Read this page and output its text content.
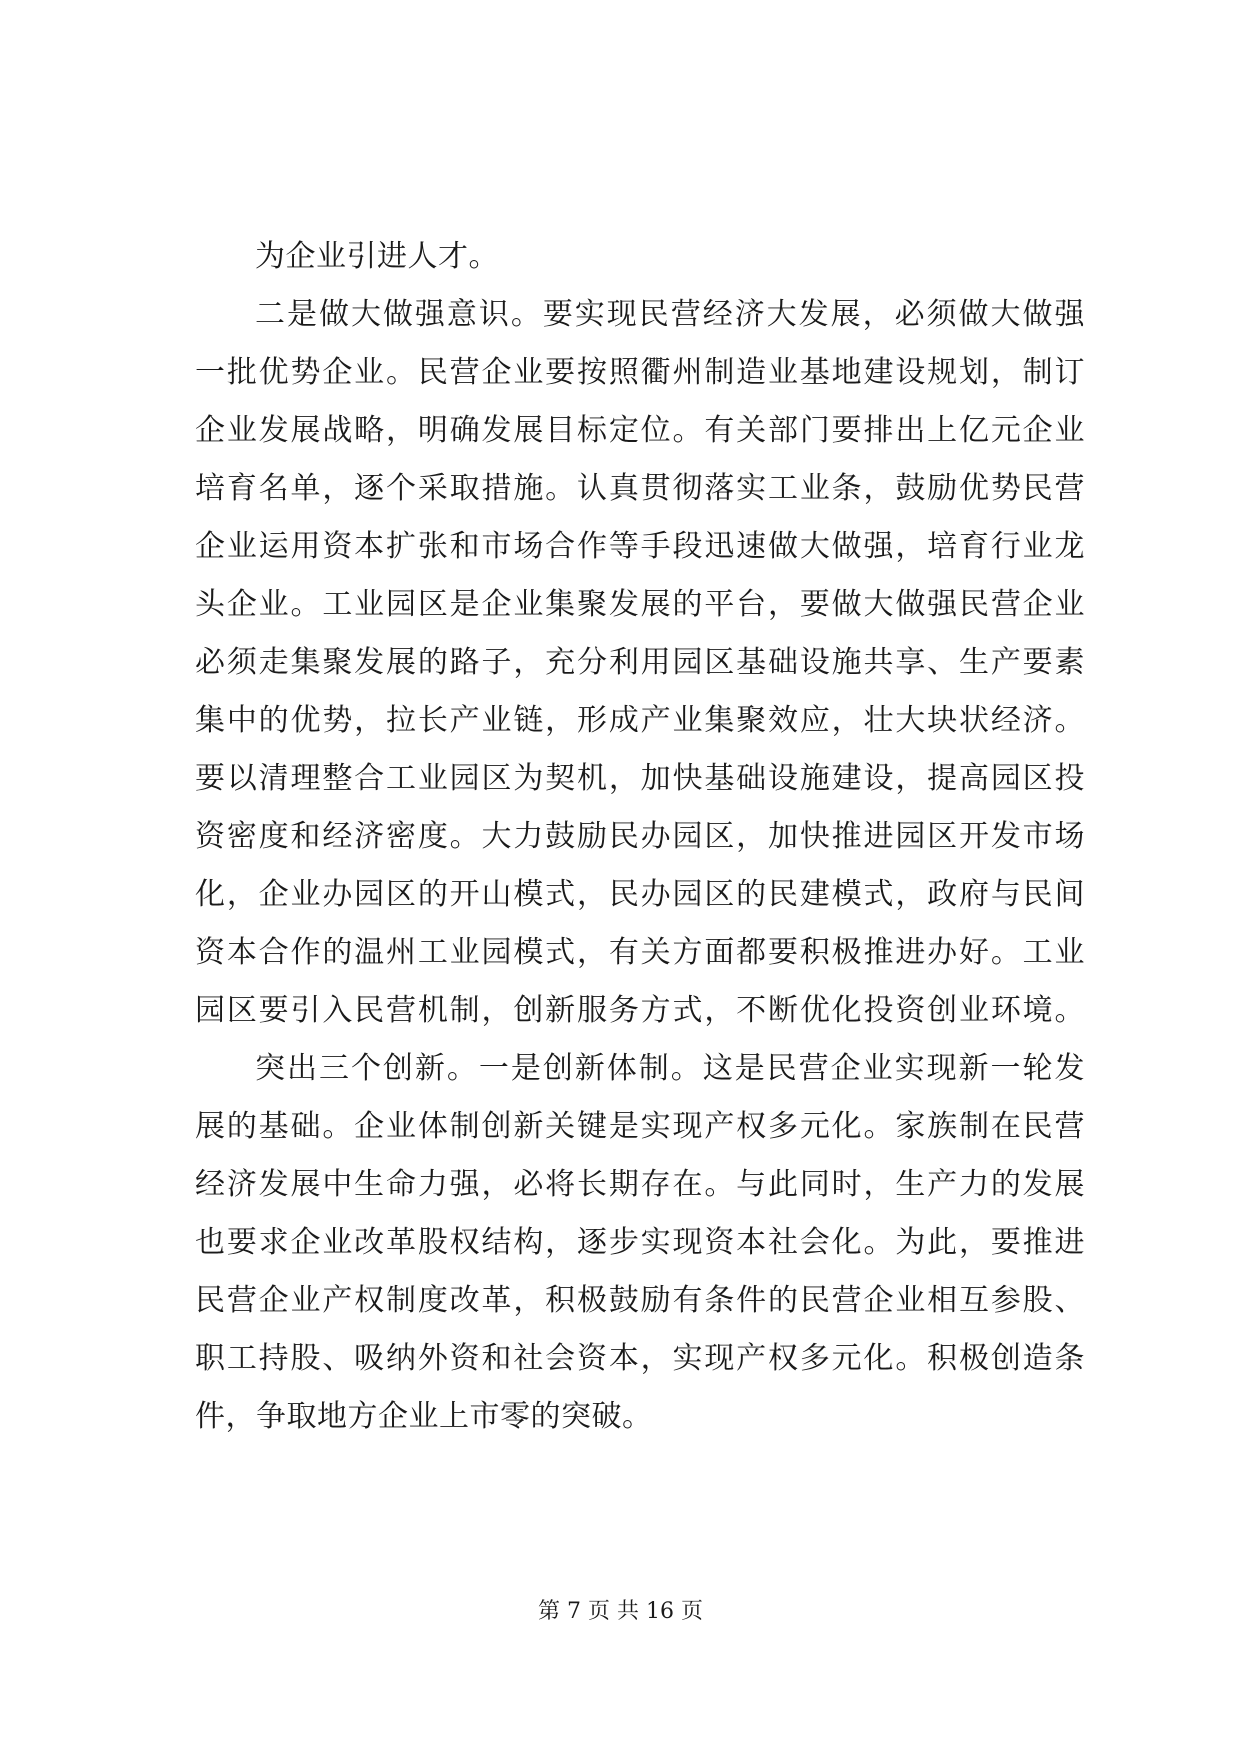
为企业引进人才。
二是做大做强意识。要实现民营经济大发展，必须做大做强
一批优势企业。民营企业要按照衢州制造业基地建设规划，制订
企业发展战略，明确发展目标定位。有关部门要排出上亿元企业
培育名单，逐个采取措施。认真贯彻落实工业条，鼓励优势民营
企业运用资本扩张和市场合作等手段迅速做大做强，培育行业龙
头企业。工业园区是企业集聚发展的平台，要做大做强民营企业
必须走集聚发展的路子，充分利用园区基础设施共享、生产要素
集中的优势，拉长产业链，形成产业集聚效应，壮大块状经济。
要以清理整合工业园区为契机，加快基础设施建设，提高园区投
资密度和经济密度。大力鼓励民办园区，加快推进园区开发市场
化，企业办园区的开山模式，民办园区的民建模式，政府与民间
资本合作的温州工业园模式，有关方面都要积极推进办好。工业
园区要引入民营机制，创新服务方式，不断优化投资创业环境。
突出三个创新。一是创新体制。这是民营企业实现新一轮发
展的基础。企业体制创新关键是实现产权多元化。家族制在民营
经济发展中生命力强，必将长期存在。与此同时，生产力的发展
也要求企业改革股权结构，逐步实现资本社会化。为此，要推进
民营企业产权制度改革，积极鼓励有条件的民营企业相互参股、
职工持股、吸纳外资和社会资本，实现产权多元化。积极创造条
件，争取地方企业上市零的突破。
第 7 页 共 16 页
